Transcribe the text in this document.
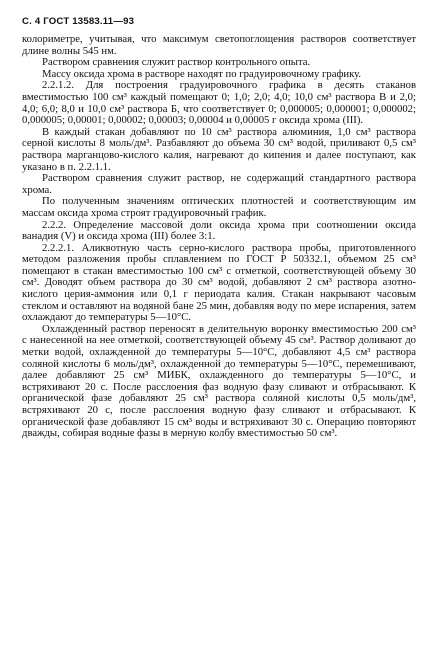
С. 4 ГОСТ 13583.11—93

колориметре, учитывая, что максимум светопоглощения растворов соответствует длине волны 545 нм.

Раствором сравнения служит раствор контрольного опыта.

Массу оксида хрома в растворе находят по градуировочному графику.

2.2.1.2. Для построения градуировочного графика в десять стаканов вместимостью 100 см³ каждый помещают 0; 1,0; 2,0; 4,0; 10,0 см³ раствора В и 2,0; 4,0; 6,0; 8,0 и 10,0 см³ раствора Б, что соответствует 0; 0,000005; 0,000001; 0,000002; 0,000005; 0,00001; 0,00002; 0,00003; 0,00004 и 0,00005 г оксида хрома (III).

В каждый стакан добавляют по 10 см³ раствора алюминия, 1,0 см³ раствора серной кислоты 8 моль/дм³. Разбавляют до объема 30 см³ водой, приливают 0,5 см³ раствора марганцово-кислого калия, нагревают до кипения и далее поступают, как указано в п. 2.2.1.1.

Раствором сравнения служит раствор, не содержащий стандартного раствора хрома.

По полученным значениям оптических плотностей и соответствующим им массам оксида хрома строят градуировочный график.

2.2.2. Определение массовой доли оксида хрома при соотношении оксида ванадия (V) и оксида хрома (III) более 3:1.

2.2.2.1. Аликвотную часть серно-кислого раствора пробы, приготовленного методом разложения пробы сплавлением по ГОСТ Р 50332.1, объемом 25 см³ помещают в стакан вместимостью 100 см³ с отметкой, соответствующей объему 30 см³. Доводят объем раствора до 30 см³ водой, добавляют 2 см³ раствора азотно-кислого церия-аммония или 0,1 г периодата калия. Стакан накрывают часовым стеклом и оставляют на водяной бане 25 мин, добавляя воду по мере испарения, затем охлаждают до температуры 5—10°С.

Охлажденный раствор переносят в делительную воронку вместимостью 200 см³ с нанесенной на нее отметкой, соответствующей объему 45 см³. Раствор доливают до метки водой, охлажденной до температуры 5—10°С, добавляют 4,5 см³ раствора соляной кислоты 6 моль/дм³, охлажденной до температуры 5—10°С, перемешивают, далее добавляют 25 см³ МИБК, охлажденного до температуры 5—10°С, и встряхивают 20 с. После расслоения фаз водную фазу сливают и отбрасывают. К органической фазе добавляют 25 см³ раствора соляной кислоты 0,5 моль/дм³, встряхивают 20 с, после расслоения водную фазу сливают и отбрасывают. К органической фазе добавляют 15 см³ воды и встряхивают 30 с. Операцию повторяют дважды, собирая водные фазы в мерную колбу вместимостью 50 см³.
